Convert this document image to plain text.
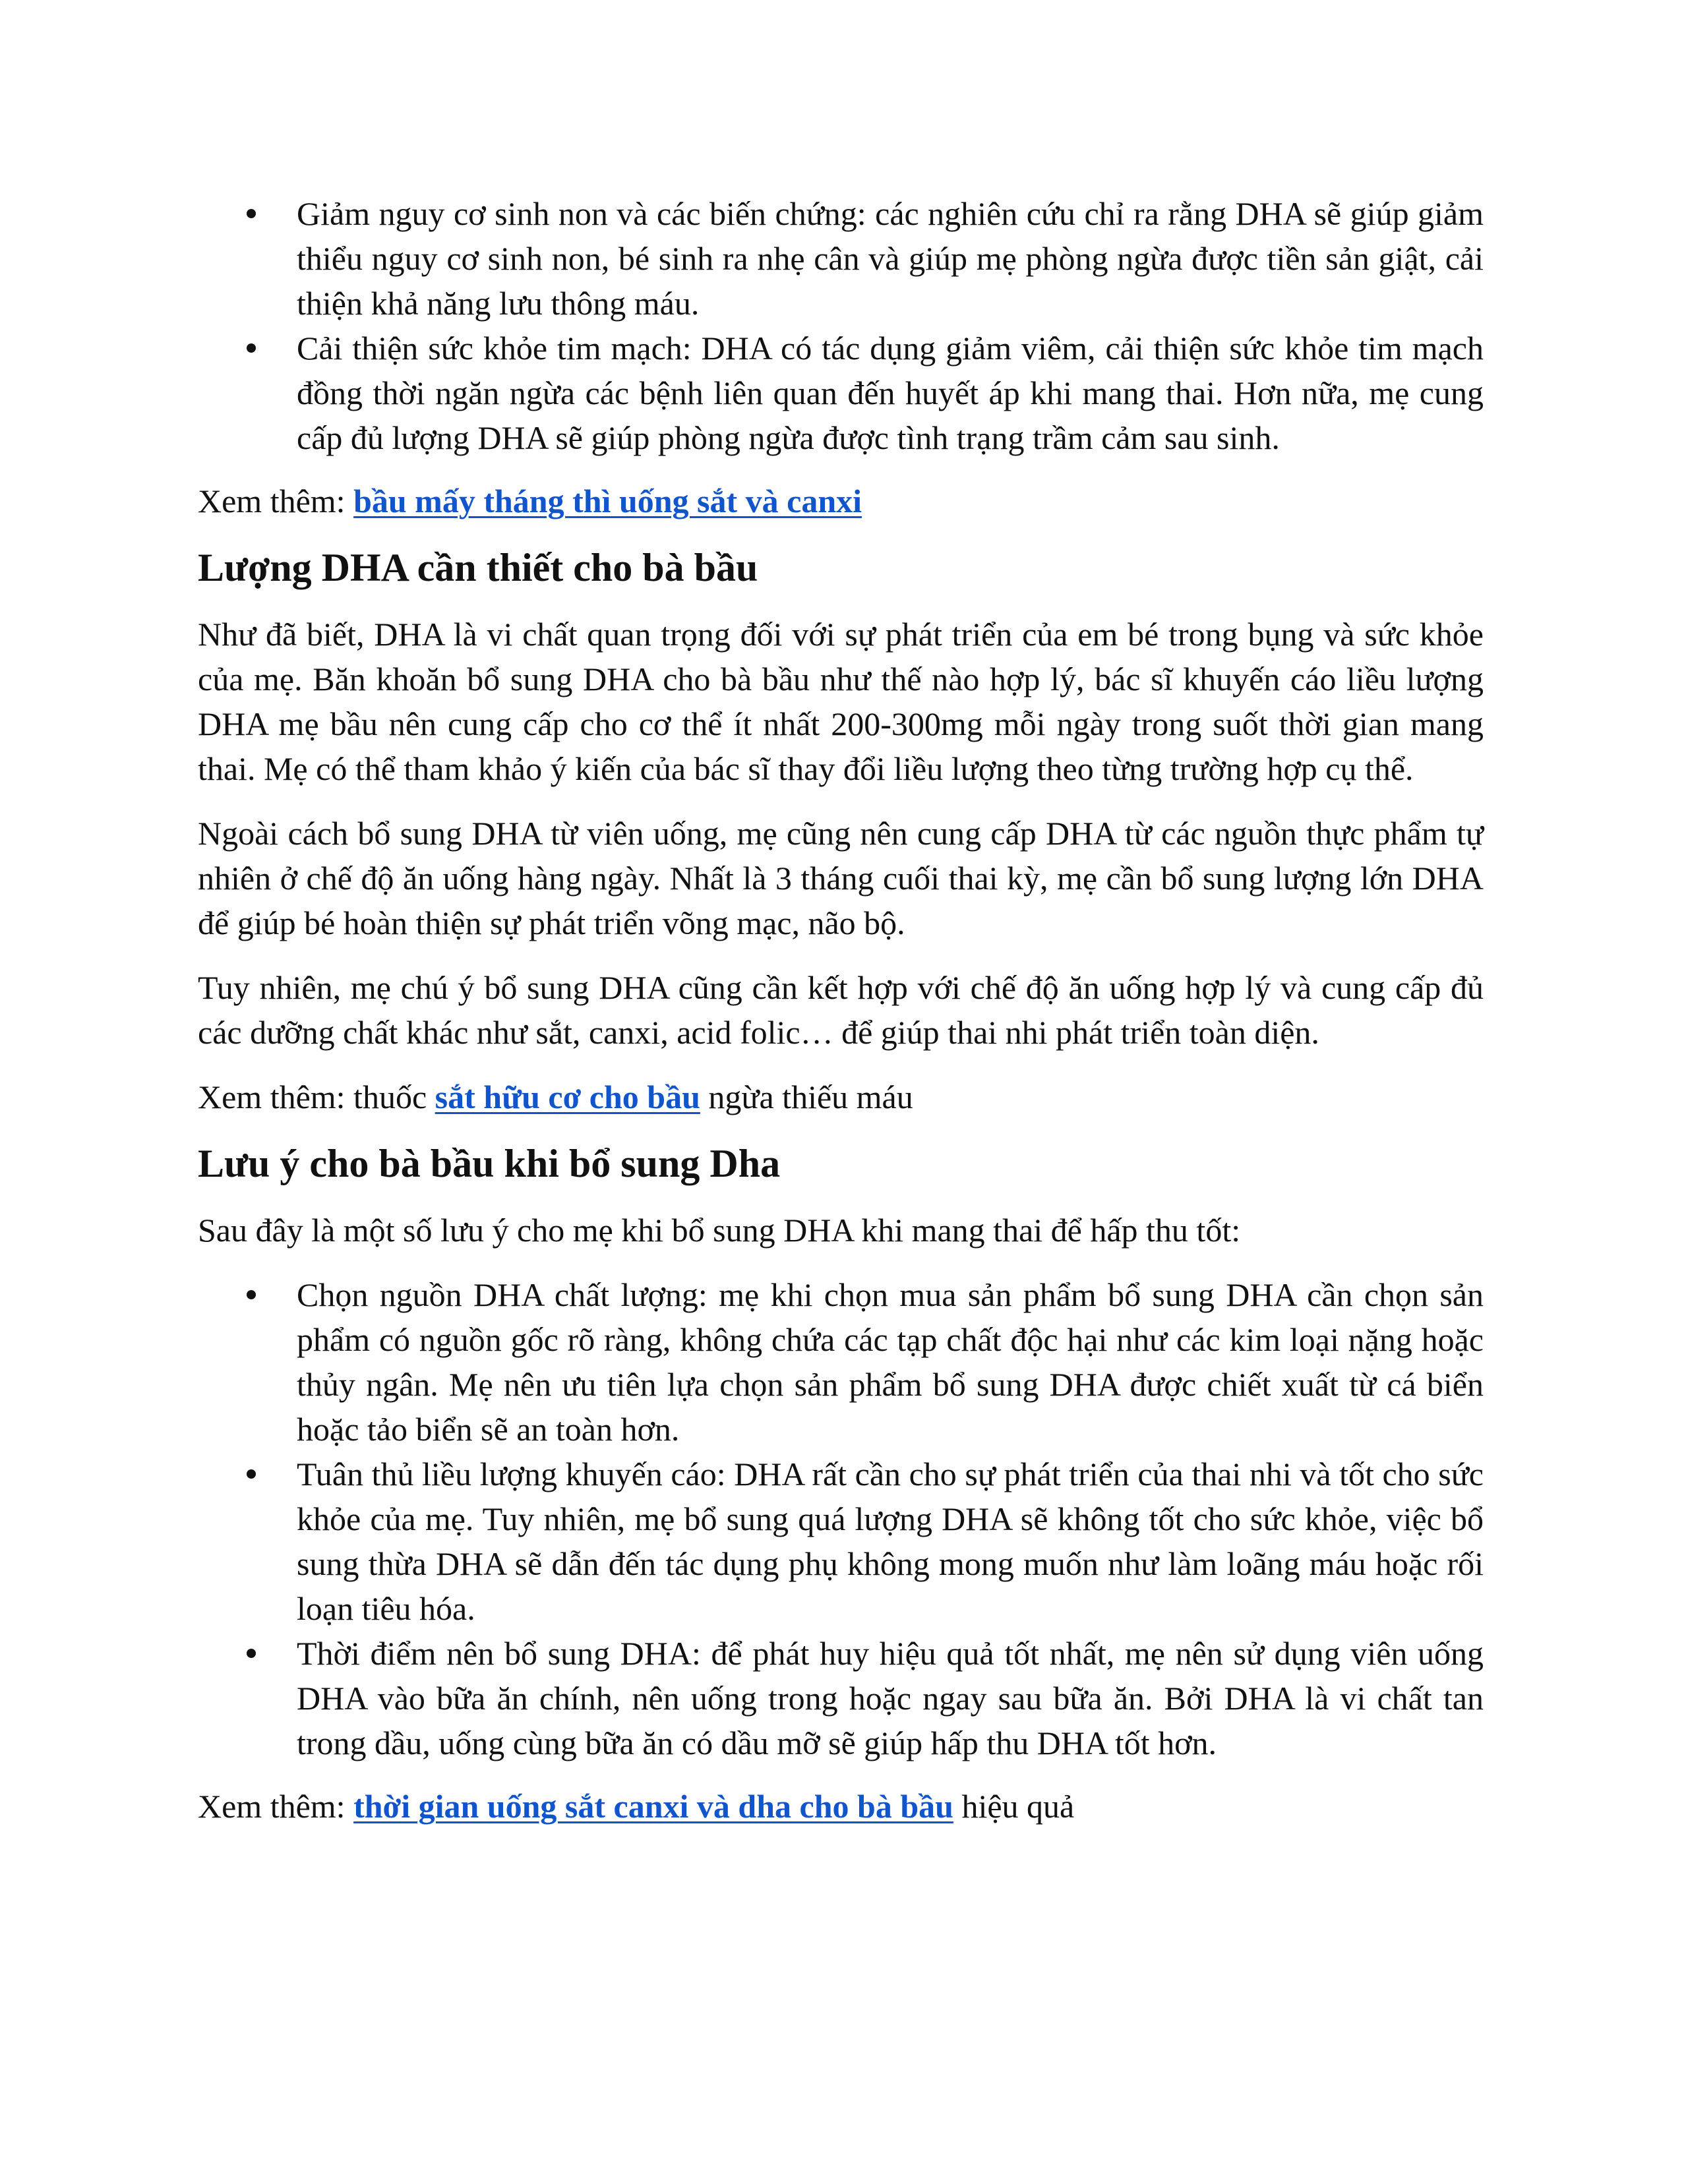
Giảm nguy cơ sinh non và các biến chứng: các nghiên cứu chỉ ra rằng DHA sẽ giúp giảm thiểu nguy cơ sinh non, bé sinh ra nhẹ cân và giúp mẹ phòng ngừa được tiền sản giật, cải thiện khả năng lưu thông máu.
Cải thiện sức khỏe tim mạch: DHA có tác dụng giảm viêm, cải thiện sức khỏe tim mạch đồng thời ngăn ngừa các bệnh liên quan đến huyết áp khi mang thai. Hơn nữa, mẹ cung cấp đủ lượng DHA sẽ giúp phòng ngừa được tình trạng trầm cảm sau sinh.

Xem thêm: bầu mấy tháng thì uống sắt và canxi

Lượng DHA cần thiết cho bà bầu

Như đã biết, DHA là vi chất quan trọng đối với sự phát triển của em bé trong bụng và sức khỏe của mẹ. Băn khoăn bổ sung DHA cho bà bầu như thế nào hợp lý, bác sĩ khuyến cáo liều lượng DHA mẹ bầu nên cung cấp cho cơ thể ít nhất 200-300mg mỗi ngày trong suốt thời gian mang thai. Mẹ có thể tham khảo ý kiến của bác sĩ thay đổi liều lượng theo từng trường hợp cụ thể.

Ngoài cách bổ sung DHA từ viên uống, mẹ cũng nên cung cấp DHA từ các nguồn thực phẩm tự nhiên ở chế độ ăn uống hàng ngày. Nhất là 3 tháng cuối thai kỳ, mẹ cần bổ sung lượng lớn DHA để giúp bé hoàn thiện sự phát triển võng mạc, não bộ.

Tuy nhiên, mẹ chú ý bổ sung DHA cũng cần kết hợp với chế độ ăn uống hợp lý và cung cấp đủ các dưỡng chất khác như sắt, canxi, acid folic… để giúp thai nhi phát triển toàn diện.

Xem thêm: thuốc sắt hữu cơ cho bầu ngừa thiếu máu

Lưu ý cho bà bầu khi bổ sung Dha

Sau đây là một số lưu ý cho mẹ khi bổ sung DHA khi mang thai để hấp thu tốt:

Chọn nguồn DHA chất lượng: mẹ khi chọn mua sản phẩm bổ sung DHA cần chọn sản phẩm có nguồn gốc rõ ràng, không chứa các tạp chất độc hại như các kim loại nặng hoặc thủy ngân. Mẹ nên ưu tiên lựa chọn sản phẩm bổ sung DHA được chiết xuất từ cá biển hoặc tảo biển sẽ an toàn hơn.
Tuân thủ liều lượng khuyến cáo: DHA rất cần cho sự phát triển của thai nhi và tốt cho sức khỏe của mẹ. Tuy nhiên, mẹ bổ sung quá lượng DHA sẽ không tốt cho sức khỏe, việc bổ sung thừa DHA sẽ dẫn đến tác dụng phụ không mong muốn như làm loãng máu hoặc rối loạn tiêu hóa.
Thời điểm nên bổ sung DHA: để phát huy hiệu quả tốt nhất, mẹ nên sử dụng viên uống DHA vào bữa ăn chính, nên uống trong hoặc ngay sau bữa ăn. Bởi DHA là vi chất tan trong dầu, uống cùng bữa ăn có dầu mỡ sẽ giúp hấp thu DHA tốt hơn.

Xem thêm: thời gian uống sắt canxi và dha cho bà bầu hiệu quả
